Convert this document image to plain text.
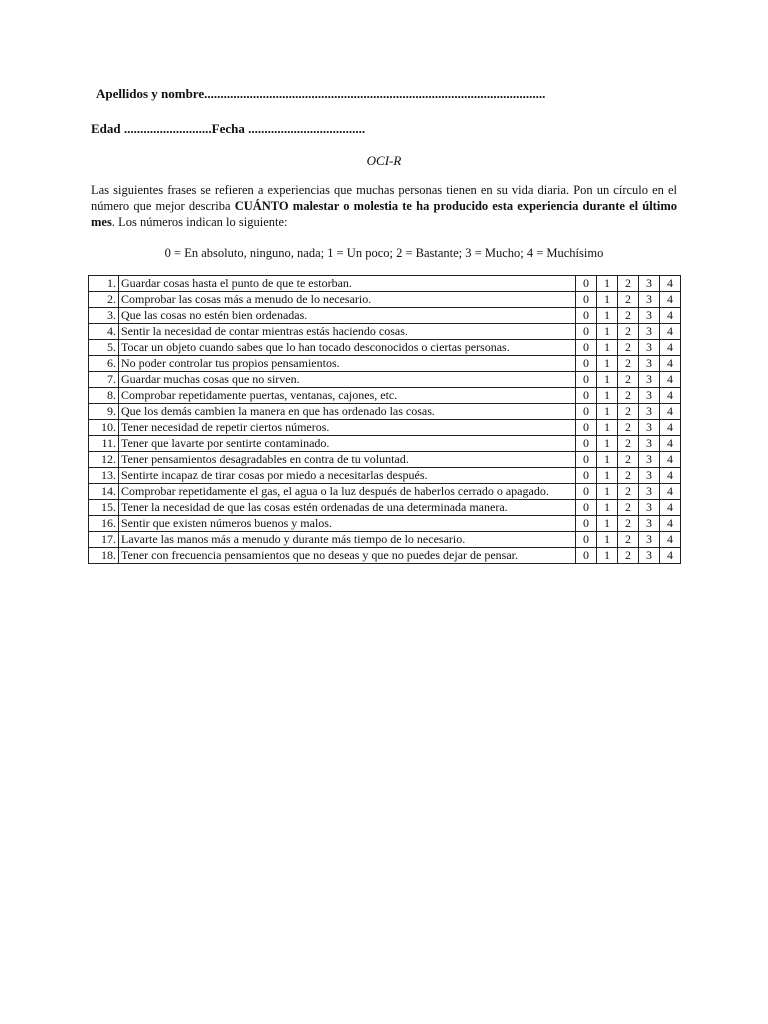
Apellidos y nombre.........................................................................................................
Edad ...........................Fecha ....................................
OCI-R
Las siguientes frases se refieren a experiencias que muchas personas tienen en su vida diaria. Pon un círculo en el número que mejor describa CUÁNTO malestar o molestia te ha producido esta experiencia durante el último mes. Los números indican lo siguiente:
0 = En absoluto, ninguno, nada; 1 = Un poco; 2 = Bastante; 3 = Mucho; 4 = Muchísimo
1.	Guardar cosas hasta el punto de que te estorban.	0	1	2	3	4
2.	Comprobar las cosas más a menudo de lo necesario.	0	1	2	3	4
3.	Que las cosas no estén bien ordenadas.	0	1	2	3	4
4.	Sentir la necesidad de contar mientras estás haciendo cosas.	0	1	2	3	4
5.	Tocar un objeto cuando sabes que lo han tocado desconocidos o ciertas personas.	0	1	2	3	4
6.	No poder controlar tus propios pensamientos.	0	1	2	3	4
7.	Guardar muchas cosas que no sirven.	0	1	2	3	4
8.	Comprobar repetidamente puertas, ventanas, cajones, etc.	0	1	2	3	4
9.	Que los demás cambien la manera en que has ordenado las cosas.	0	1	2	3	4
10.	Tener necesidad de repetir ciertos números.	0	1	2	3	4
11.	Tener que lavarte por sentirte contaminado.	0	1	2	3	4
12.	Tener pensamientos desagradables en contra de tu voluntad.	0	1	2	3	4
13.	Sentirte incapaz de tirar cosas por miedo a necesitarlas después.	0	1	2	3	4
14.	Comprobar repetidamente el gas, el agua o la luz después de haberlos cerrado o apagado.	0	1	2	3	4
15.	Tener la necesidad de que las cosas estén ordenadas de una determinada manera.	0	1	2	3	4
16.	Sentir que existen números buenos y malos.	0	1	2	3	4
17.	Lavarte las manos más a menudo y durante más tiempo de lo necesario.	0	1	2	3	4
18.	Tener con frecuencia pensamientos que no deseas y que no puedes dejar de pensar.	0	1	2	3	4
